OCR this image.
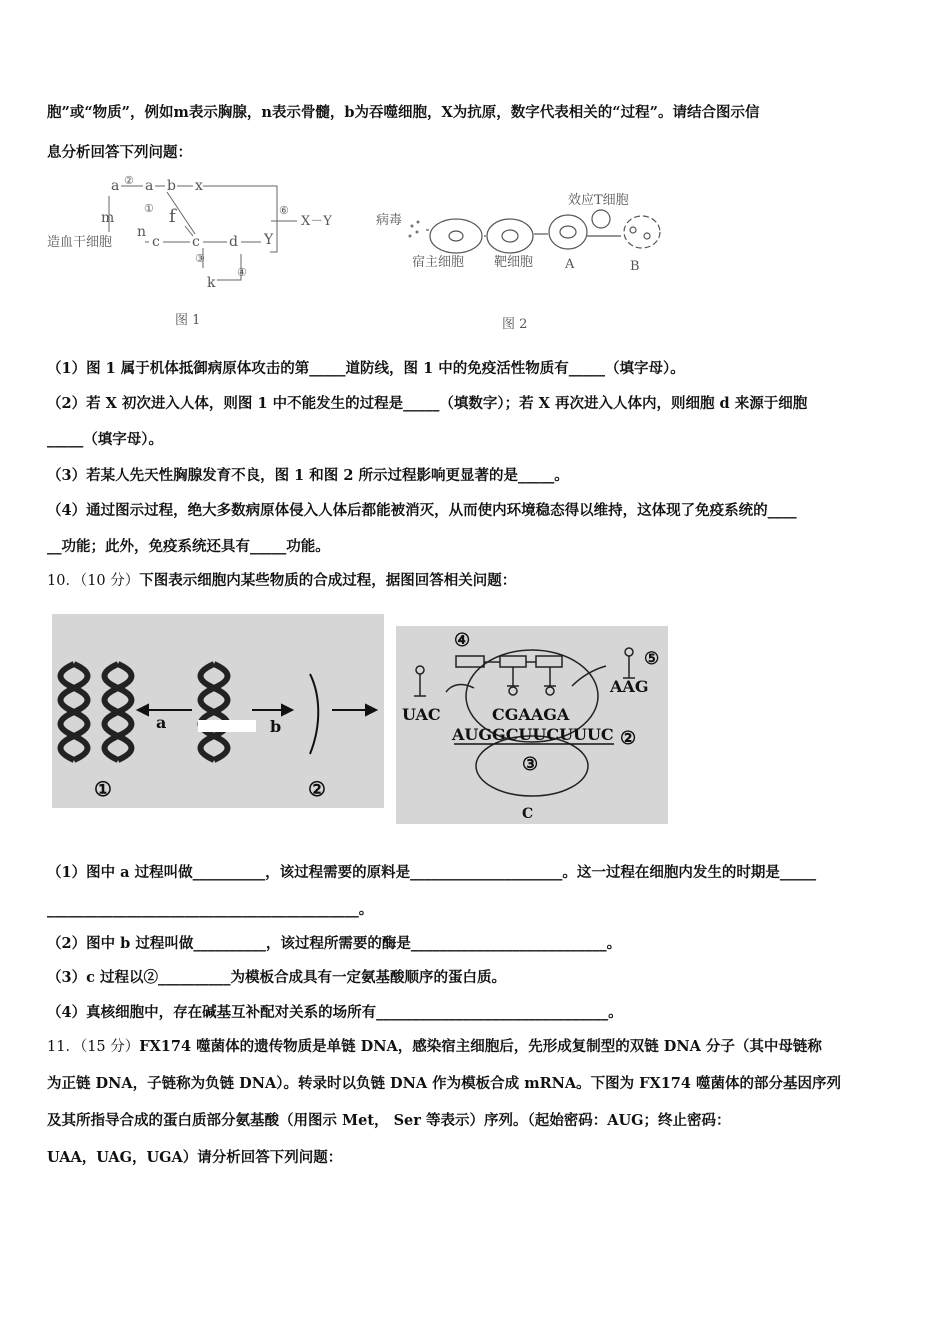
胞”或“物质”，例如m表示胸腺，n表示骨髓，b为吞噬细胞，X为抗原，数字代表相关的“过程”。请结合图示信
息分析回答下列问题：
a ② a b x
① f
m
造血干细胞
n
c c d Y
⑥
X－Y
③
④
k
图 1
病毒
效应T细胞
宿主细胞 靶细胞 A	B
图 2
（1）图 1 属于机体抵御病原体攻击的第_____道防线，图 1 中的免疫活性物质有_____（填字母）。
（2）若 X 初次进入人体，则图 1 中不能发生的过程是_____（填数字）；若 X 再次进入人体内，则细胞 d 来源于细胞
_____（填字母）。
（3）若某人先天性胸腺发育不良，图 1 和图 2 所示过程影响更显著的是_____。
（4）通过图示过程，绝大多数病原体侵入人体后都能被消灭，从而使内环境稳态得以维持，这体现了免疫系统的____
__功能；此外，免疫系统还具有_____功能。
10．（10 分）下图表示细胞内某些物质的合成过程，据图回答相关问题：
a	b
①	②
④
⑤
UAC
AAG
CGAAGA
AUGGCUUCUUUC ②
③
C
（1）图中 a 过程叫做__________，该过程需要的原料是_____________________。这一过程在细胞内发生的时期是_____
___________________________________________。
（2）图中 b 过程叫做__________，该过程所需要的酶是___________________________。
（3）c 过程以②__________为模板合成具有一定氨基酸顺序的蛋白质。
（4）真核细胞中，存在碱基互补配对关系的场所有________________________________。
11．（15 分）FX174 噬菌体的遗传物质是单链 DNA，感染宿主细胞后，先形成复制型的双链 DNA 分子（其中母链称
为正链 DNA，子链称为负链 DNA）。转录时以负链 DNA 作为模板合成 mRNA。下图为 FX174 噬菌体的部分基因序列
及其所指导合成的蛋白质部分氨基酸（用图示 Met， Ser 等表示）序列。（起始密码：AUG；终止密码：
UAA，UAG，UGA）请分析回答下列问题：
